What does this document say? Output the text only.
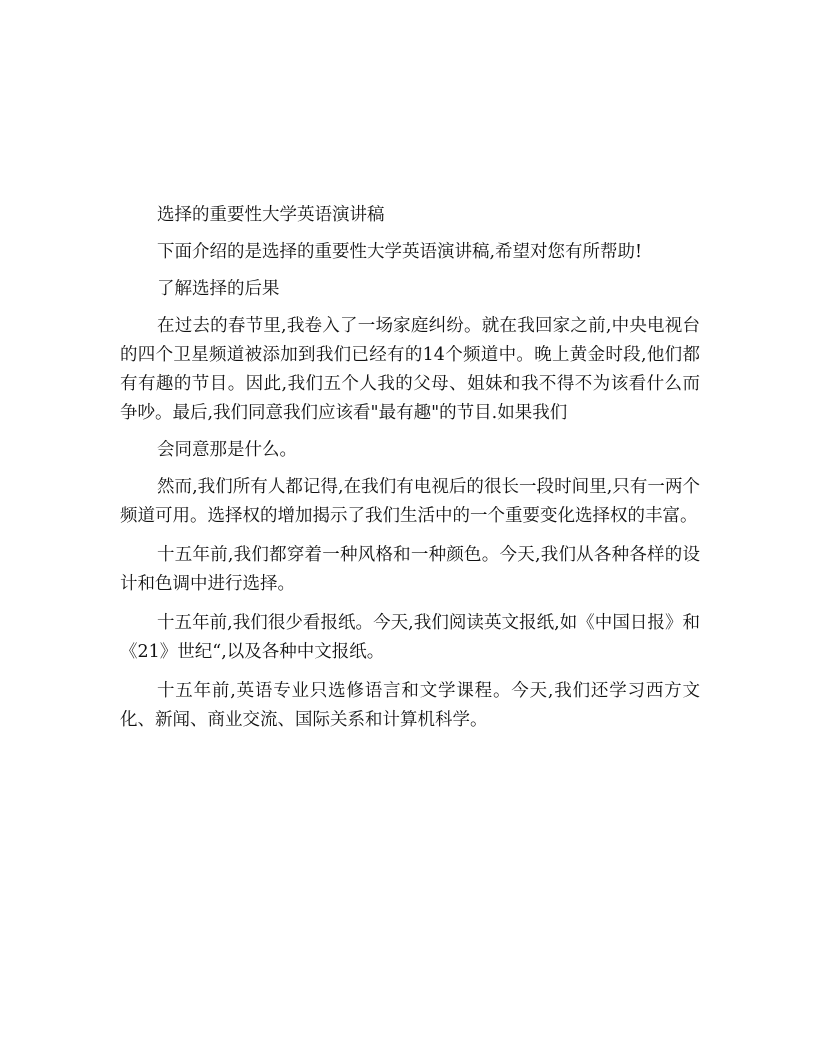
选择的重要性大学英语演讲稿

下面介绍的是选择的重要性大学英语演讲稿,希望对您有所帮助!

了解选择的后果

在过去的春节里,我卷入了一场家庭纠纷。就在我回家之前,中央电视台的四个卫星频道被添加到我们已经有的14个频道中。晚上黄金时段,他们都有有趣的节目。因此,我们五个人我的父母、姐妹和我不得不为该看什么而争吵。最后,我们同意我们应该看"最有趣"的节目.如果我们

会同意那是什么。

然而,我们所有人都记得,在我们有电视后的很长一段时间里,只有一两个频道可用。选择权的增加揭示了我们生活中的一个重要变化选择权的丰富。

十五年前,我们都穿着一种风格和一种颜色。今天,我们从各种各样的设计和色调中进行选择。

十五年前,我们很少看报纸。今天,我们阅读英文报纸,如《中国日报》和《21》世纪“,以及各种中文报纸。

十五年前,英语专业只选修语言和文学课程。今天,我们还学习西方文化、新闻、商业交流、国际关系和计算机科学。
